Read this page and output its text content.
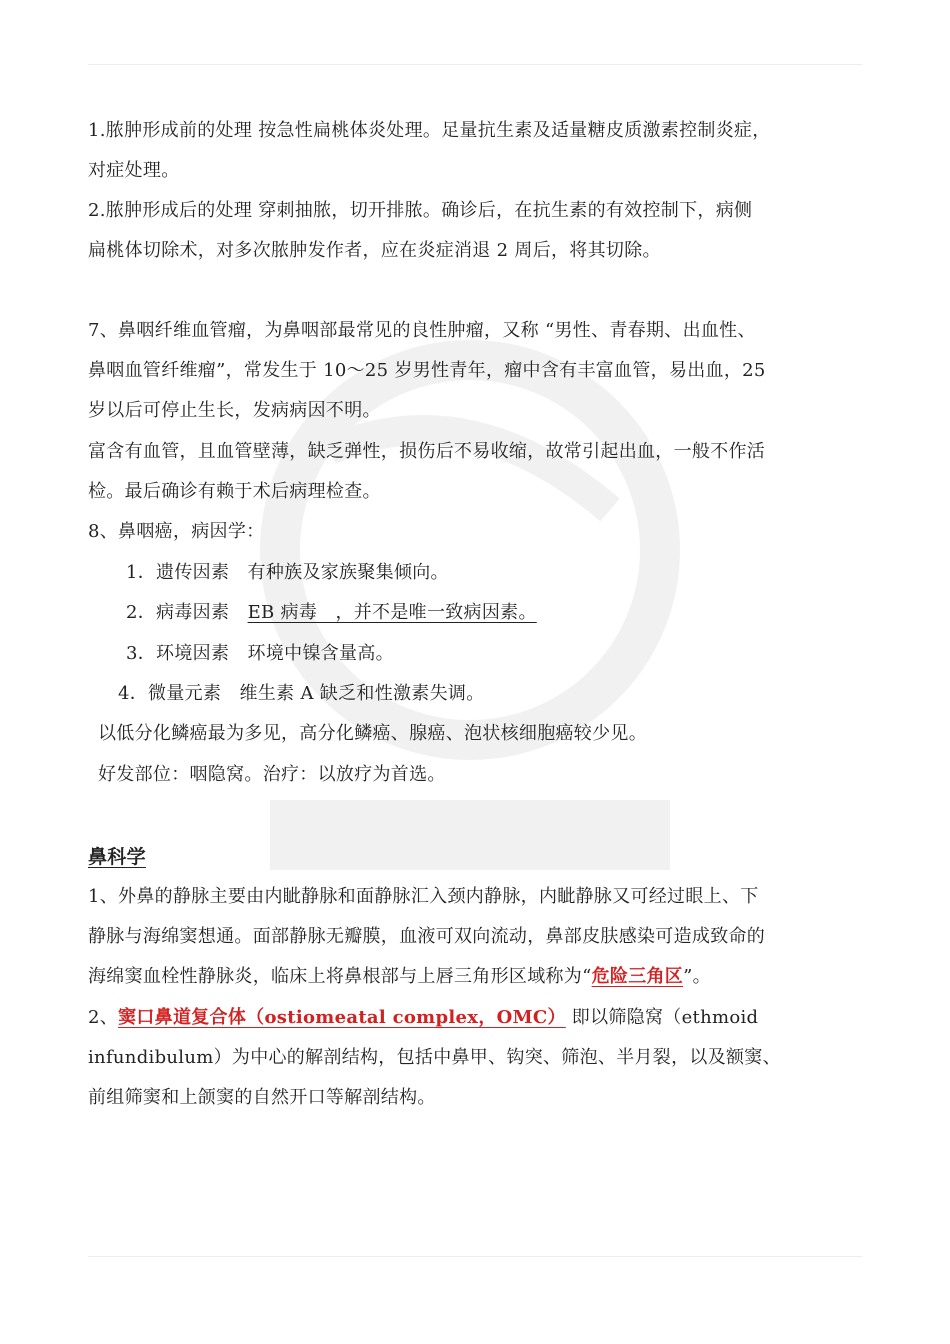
1.脓肿形成前的处理 按急性扁桃体炎处理。足量抗生素及适量糖皮质激素控制炎症，
对症处理。
2.脓肿形成后的处理 穿刺抽脓，切开排脓。确诊后，在抗生素的有效控制下，病侧
扁桃体切除术，对多次脓肿发作者，应在炎症消退 2 周后，将其切除。
7、鼻咽纤维血管瘤，为鼻咽部最常见的良性肿瘤，又称 “男性、青春期、出血性、
鼻咽血管纤维瘤”，常发生于 10～25 岁男性青年，瘤中含有丰富血管，易出血，25
岁以后可停止生长，发病病因不明。
富含有血管，且血管壁薄，缺乏弹性，损伤后不易收缩，故常引起出血，一般不作活
检。最后确诊有赖于术后病理检查。
8、鼻咽癌，病因学：
1．遗传因素　有种族及家族聚集倾向。
2．病毒因素　EB 病毒　，并不是唯一致病因素。
3．环境因素　环境中镍含量高。
4．微量元素　维生素 A 缺乏和性激素失调。
以低分化鳞癌最为多见，高分化鳞癌、腺癌、泡状核细胞癌较少见。
好发部位：咽隐窝。治疗：以放疗为首选。
鼻科学
1、外鼻的静脉主要由内眦静脉和面静脉汇入颈内静脉，内眦静脉又可经过眼上、下
静脉与海绵窦想通。面部静脉无瓣膜，血液可双向流动，鼻部皮肤感染可造成致命的
海绵窦血栓性静脉炎，临床上将鼻根部与上唇三角形区域称为“危险三角区”。
2、窦口鼻道复合体（ostiomeatal complex，OMC） 即以筛隐窝（ethmoid
infundibulum）为中心的解剖结构，包括中鼻甲、钩突、筛泡、半月裂，以及额窦、
前组筛窦和上颌窦的自然开口等解剖结构。
